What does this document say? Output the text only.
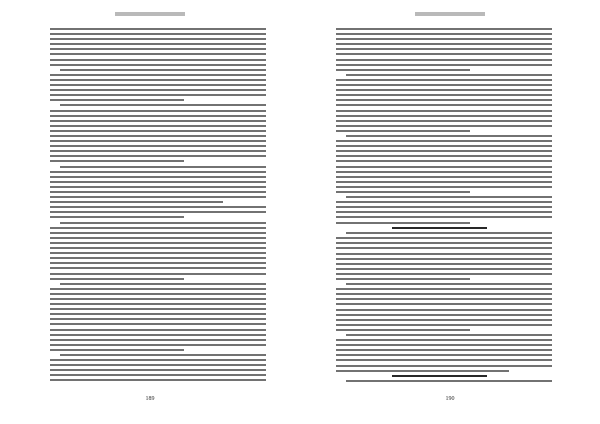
189	190
